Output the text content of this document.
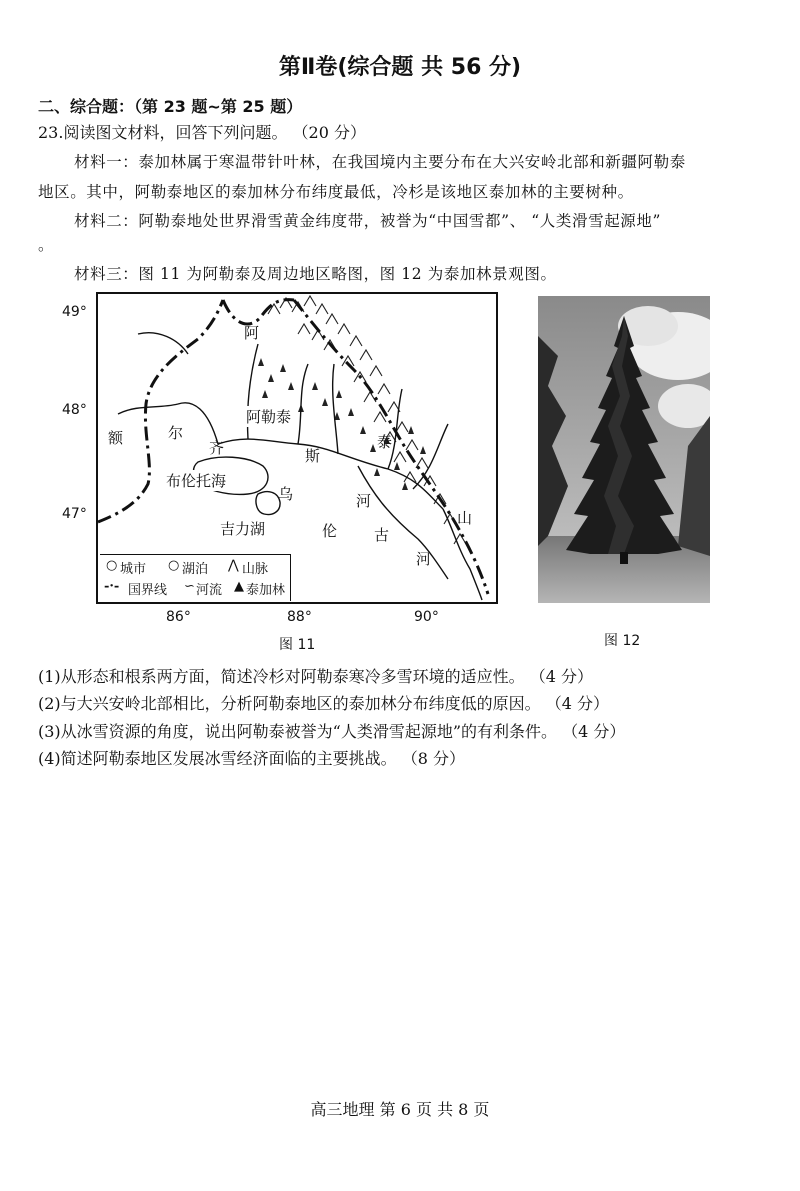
第Ⅱ卷(综合题 共 56 分)
二、综合题：（第 23 题~第 25 题）
23.阅读图文材料，回答下列问题。 （20 分）
材料一：泰加林属于寒温带针叶林，在我国境内主要分布在大兴安岭北部和新疆阿勒泰
地区。其中，阿勒泰地区的泰加林分布纬度最低，冷杉是该地区泰加林的主要树种。
材料二：阿勒泰地处世界滑雪黄金纬度带，被誉为“中国雪都”、 “人类滑雪起源地”
。
材料三：图 11 为阿勒泰及周边地区略图，图 12 为泰加林景观图。
49°
48°
47°
阿
阿勒泰
泰
额	尔
齐	斯
河
布伦托海
乌
伦 古
吉力湖
河
山
○ 城市 ○ 湖泊 ⋀ 山脉
-·- 国界线 ∽ 河流 ▲ 泰加林
86°	88°	90°
图 11	图 12
(1)从形态和根系两方面，简述冷杉对阿勒泰寒冷多雪环境的适应性。 （4 分）
(2)与大兴安岭北部相比，分析阿勒泰地区的泰加林分布纬度低的原因。 （4 分）
(3)从冰雪资源的角度，说出阿勒泰被誉为“人类滑雪起源地”的有利条件。 （4 分）
(4)简述阿勒泰地区发展冰雪经济面临的主要挑战。 （8 分）
高三地理 第 6 页 共 8 页
